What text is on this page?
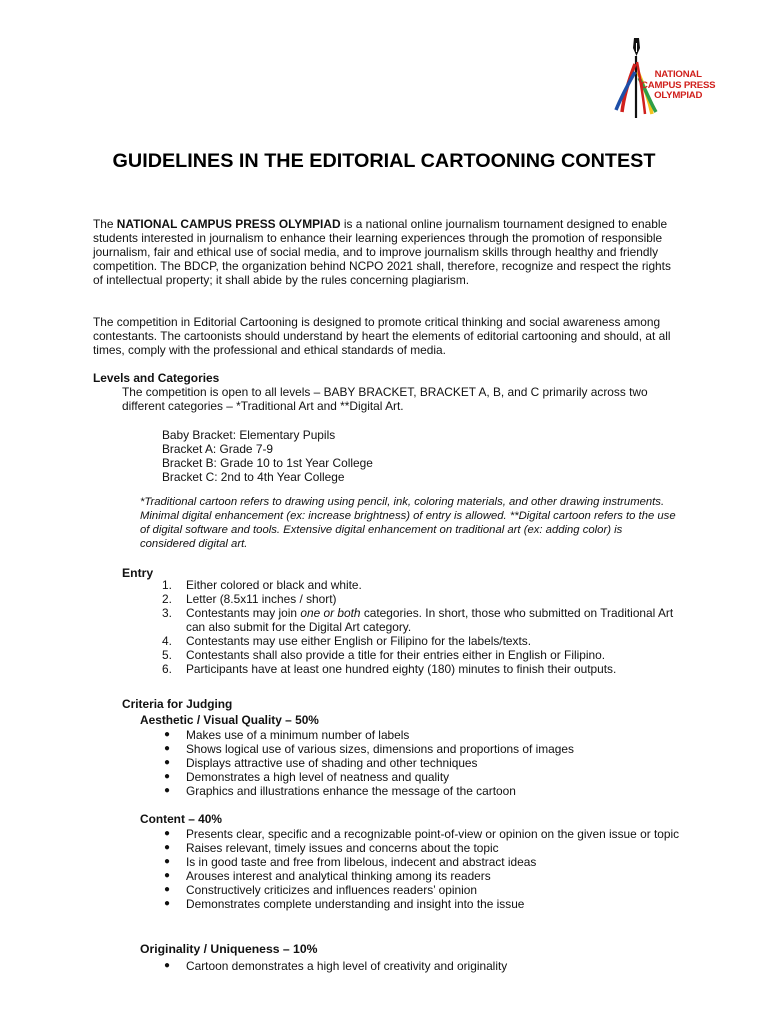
NATIONAL
CAMPUS PRESS
OLYMPIAD
GUIDELINES IN THE EDITORIAL CARTOONING CONTEST

The NATIONAL CAMPUS PRESS OLYMPIAD is a national online journalism tournament designed to enable students interested in journalism to enhance their learning experiences through the promotion of responsible journalism, fair and ethical use of social media, and to improve journalism skills through healthy and friendly competition. The BDCP, the organization behind NCPO 2021 shall, therefore, recognize and respect the rights of intellectual property; it shall abide by the rules concerning plagiarism.

The competition in Editorial Cartooning is designed to promote critical thinking and social awareness among contestants. The cartoonists should understand by heart the elements of editorial cartooning and should, at all times, comply with the professional and ethical standards of media.

Levels and Categories

The competition is open to all levels – BABY BRACKET, BRACKET A, B, and C primarily across two different categories – *Traditional Art and **Digital Art.

Baby Bracket: Elementary Pupils
Bracket A: Grade 7-9
Bracket B: Grade 10 to 1st Year College
Bracket C: 2nd to 4th Year College

*Traditional cartoon refers to drawing using pencil, ink, coloring materials, and other drawing instruments. Minimal digital enhancement (ex: increase brightness) of entry is allowed. **Digital cartoon refers to the use of digital software and tools. Extensive digital enhancement on traditional art (ex: adding color) is considered digital art.

Entry
1. Either colored or black and white.
2. Letter (8.5x11 inches / short)
3. Contestants may join one or both categories. In short, those who submitted on Traditional Art can also submit for the Digital Art category.
4. Contestants may use either English or Filipino for the labels/texts.
5. Contestants shall also provide a title for their entries either in English or Filipino.
6. Participants have at least one hundred eighty (180) minutes to finish their outputs.
Criteria for Judging
Aesthetic / Visual Quality – 50%
● Makes use of a minimum number of labels
● Shows logical use of various sizes, dimensions and proportions of images
● Displays attractive use of shading and other techniques
● Demonstrates a high level of neatness and quality
● Graphics and illustrations enhance the message of the cartoon
Content – 40%
● Presents clear, specific and a recognizable point-of-view or opinion on the given issue or topic
● Raises relevant, timely issues and concerns about the topic
● Is in good taste and free from libelous, indecent and abstract ideas
● Arouses interest and analytical thinking among its readers
● Constructively criticizes and influences readers’ opinion
● Demonstrates complete understanding and insight into the issue
Originality / Uniqueness – 10%
● Cartoon demonstrates a high level of creativity and originality
